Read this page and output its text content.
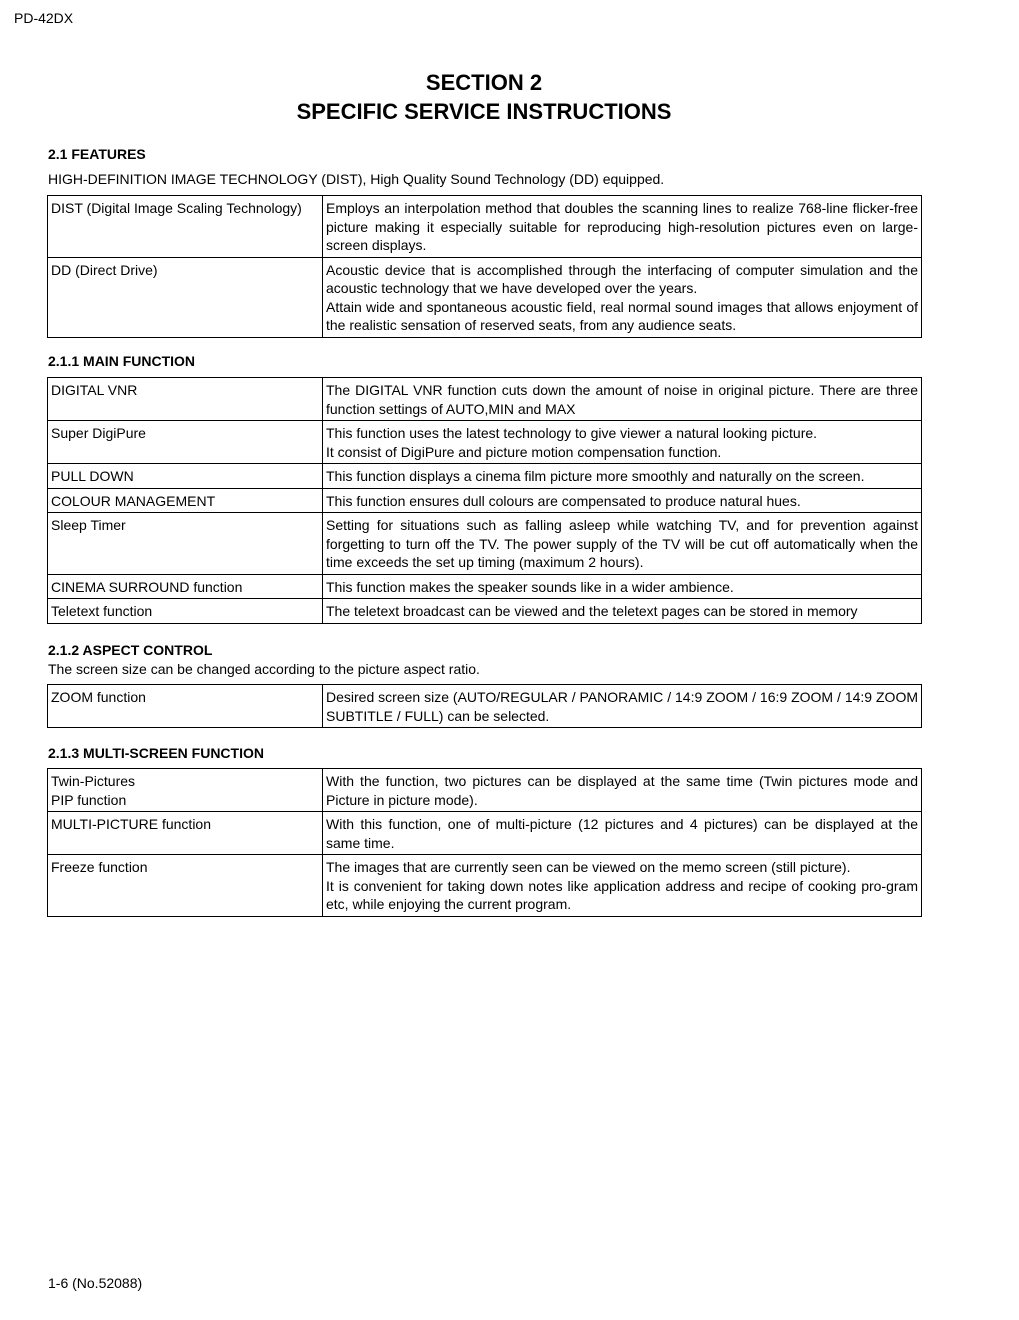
PD-42DX
SECTION 2
SPECIFIC SERVICE INSTRUCTIONS
2.1 FEATURES
HIGH-DEFINITION IMAGE TECHNOLOGY (DIST), High Quality Sound Technology (DD) equipped.
DIST (Digital Image Scaling Technology)	Employs an interpolation method that doubles the scanning lines to realize 768-line flicker-free picture making it especially suitable for reproducing high-resolution pictures even on large-screen displays.

DD (Direct Drive)	Acoustic device that is accomplished through the interfacing of computer simulation and the acoustic technology that we have developed over the years.
Attain wide and spontaneous acoustic field, real normal sound images that allows enjoyment of the realistic sensation of reserved seats, from any audience seats.
2.1.1 MAIN FUNCTION
DIGITAL VNR	The DIGITAL VNR function cuts down the amount of noise in original picture. There are three function settings of AUTO,MIN and MAX

Super DigiPure	This function uses the latest technology to give viewer a natural looking picture.
It consist of DigiPure and picture motion compensation function.

PULL DOWN	This function displays a cinema film picture more smoothly and naturally on the screen.

COLOUR MANAGEMENT	This function ensures dull colours are compensated to produce natural hues.

Sleep Timer	Setting for situations such as falling asleep while watching TV, and for prevention against forgetting to turn off the TV. The power supply of the TV will be cut off automatically when the time exceeds the set up timing (maximum 2 hours).

CINEMA SURROUND function	This function makes the speaker sounds like in a wider ambience.

Teletext function	The teletext broadcast can be viewed and the teletext pages can be stored in memory
2.1.2 ASPECT CONTROL
The screen size can be changed according to the picture aspect ratio.
ZOOM function	Desired screen size (AUTO/REGULAR / PANORAMIC / 14:9 ZOOM / 16:9 ZOOM / 14:9 ZOOM SUBTITLE / FULL) can be selected.
2.1.3 MULTI-SCREEN FUNCTION
Twin-Pictures
PIP function	With the function, two pictures can be displayed at the same time (Twin pictures mode and Picture in picture mode).

MULTI-PICTURE function	With this function, one of multi-picture (12 pictures and 4 pictures) can be displayed at the same time.

Freeze function	The images that are currently seen can be viewed on the memo screen (still picture).
It is convenient for taking down notes like application address and recipe of cooking pro-gram etc, while enjoying the current program.
1-6 (No.52088)
